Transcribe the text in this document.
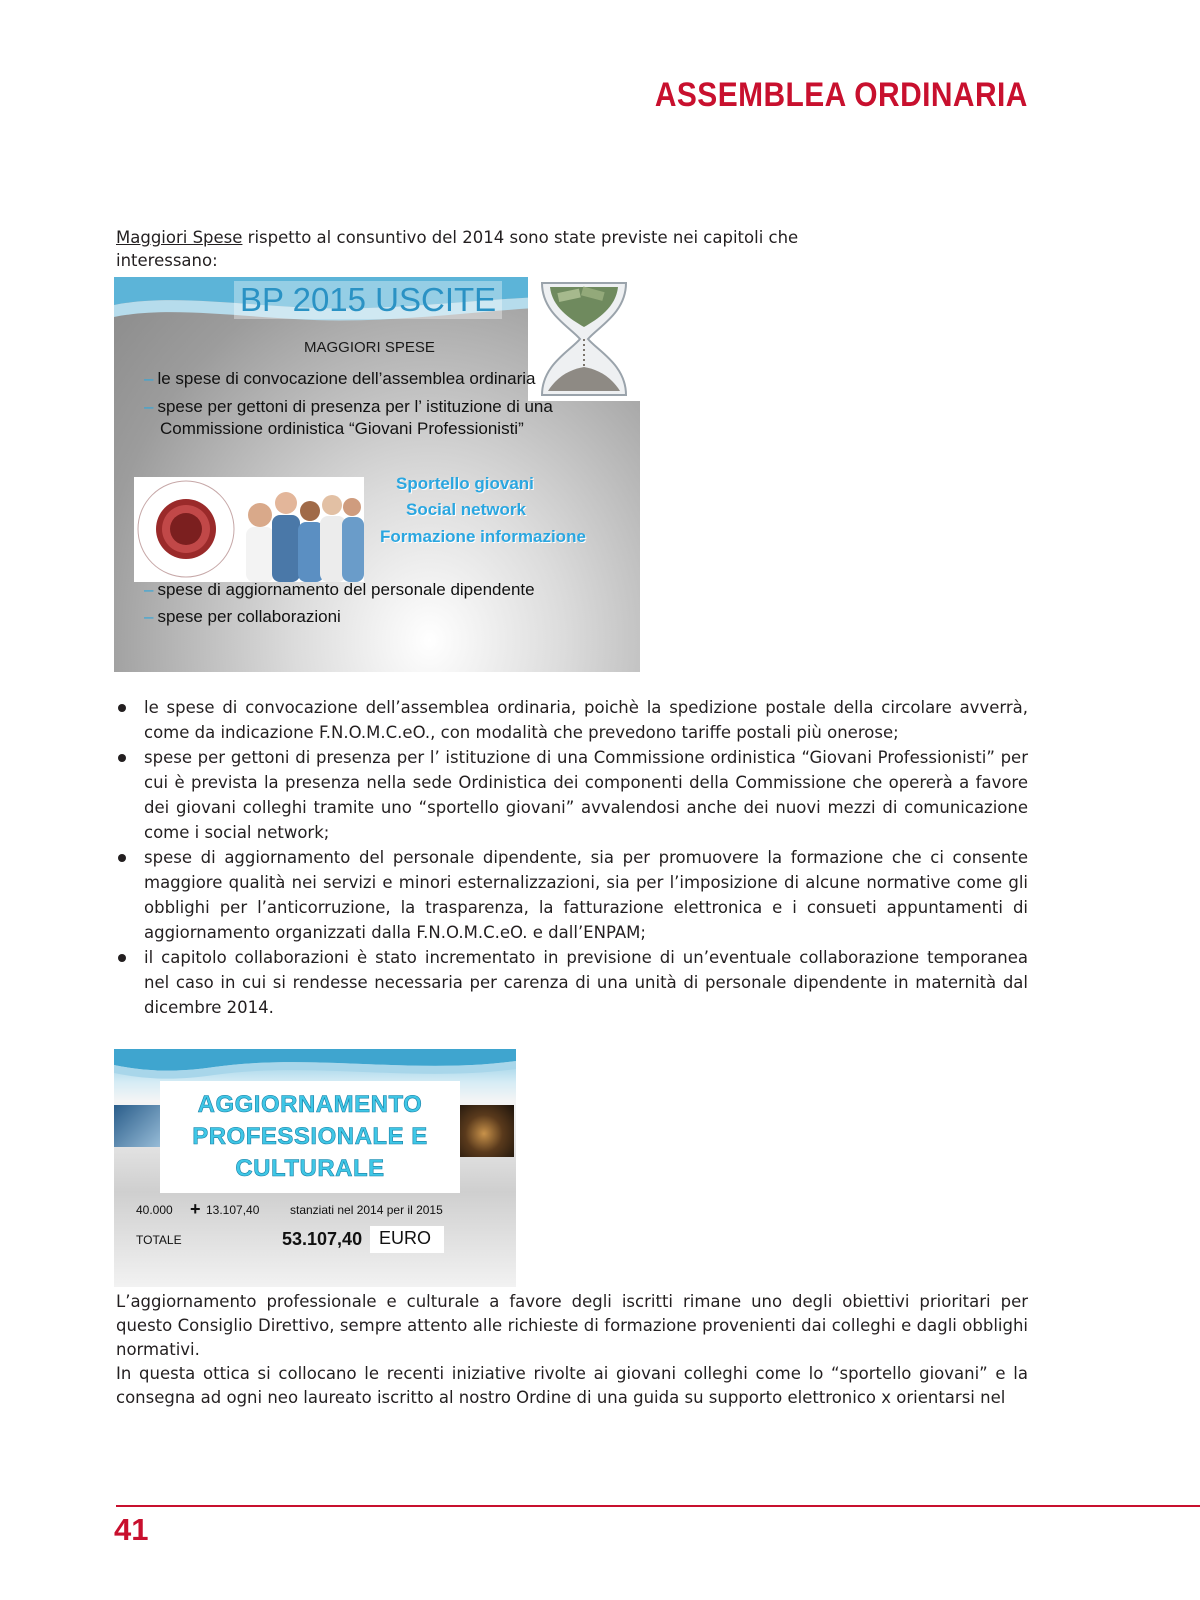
ASSEMBLEA ORDINARIA
Maggiori Spese rispetto al consuntivo del 2014 sono state previste nei capitoli che interessano:
BP 2015 USCITE
MAGGIORI SPESE
– le spese di convocazione dell’assemblea ordinaria
– spese per gettoni di presenza per l’ istituzione di una
Commissione ordinistica “Giovani Professionisti”
Sportello giovani
Social network
Formazione informazione
– spese di aggiornamento del personale dipendente
– spese per collaborazioni
le spese di convocazione dell’assemblea ordinaria, poichè la spedizione postale della circolare avverrà, come da indicazione F.N.O.M.C.eO., con modalità che prevedono tariffe postali più onerose;
spese per gettoni di presenza per l’ istituzione di una Commissione ordinistica “Giovani Professionisti” per cui è prevista la presenza nella sede Ordinistica dei componenti della Commissione che opererà a favore dei giovani colleghi tramite uno “sportello giovani” avvalendosi anche dei nuovi mezzi di comunicazione come i social network;
spese di aggiornamento del personale dipendente, sia per promuovere la formazione che ci consente maggiore qualità nei servizi e minori esternalizzazioni, sia per l’imposizione di alcune normative come gli obblighi per l’anticorruzione, la trasparenza, la fatturazione elettronica e i consueti appuntamenti di aggiornamento organizzati dalla F.N.O.M.C.eO. e dall’ENPAM;
il capitolo collaborazioni è stato incrementato in previsione di un’eventuale collaborazione temporanea nel caso in cui si rendesse necessaria per carenza di una unità di personale dipendente in maternità dal dicembre 2014.
AGGIORNAMENTO
PROFESSIONALE E
CULTURALE
40.000 + 13.107,40	stanziati nel 2014 per il 2015
TOTALE	53.107,40 EURO

L’aggiornamento professionale e culturale a favore degli iscritti rimane uno degli obiettivi prioritari per questo Consiglio Direttivo, sempre attento alle richieste di formazione provenienti dai colleghi e dagli obblighi normativi.
In questa ottica si collocano le recenti iniziative rivolte ai giovani colleghi come lo “sportello giovani” e la consegna ad ogni neo laureato iscritto al nostro Ordine di una guida su supporto elettronico x orientarsi nel

41
